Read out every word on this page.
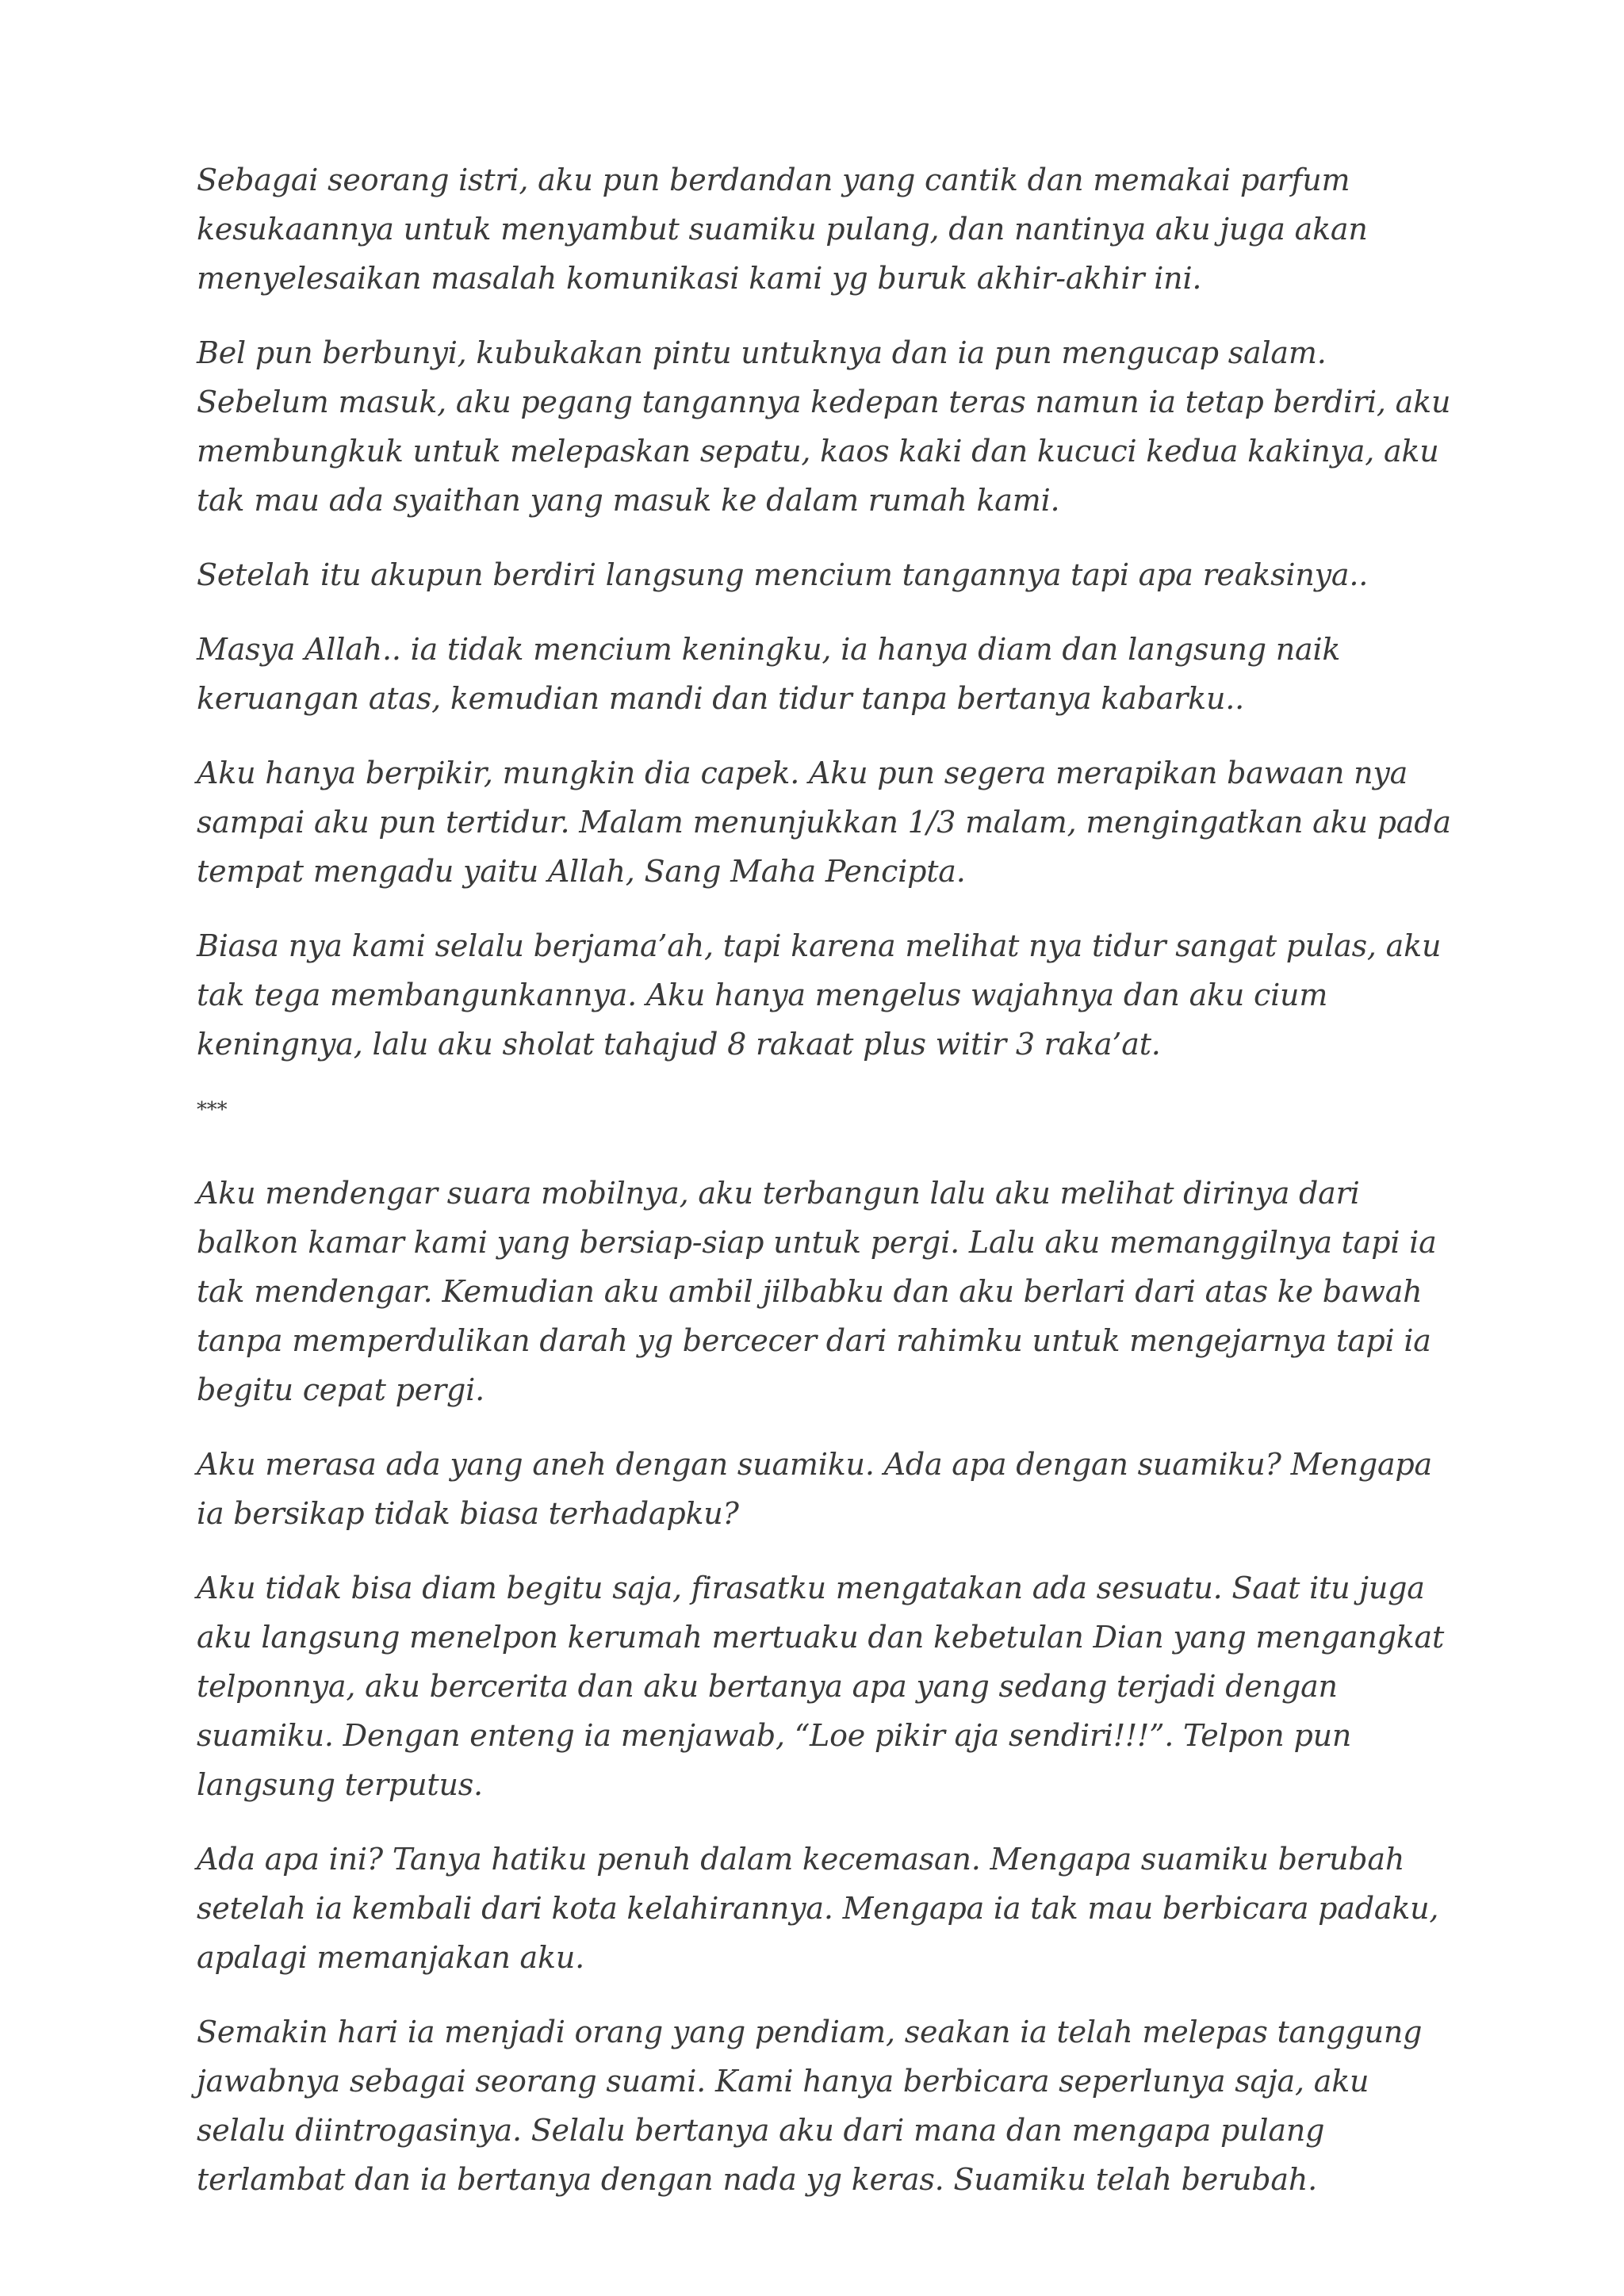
Sebagai seorang istri, aku pun berdandan yang cantik dan memakai parfum kesukaannya untuk menyambut suamiku pulang, dan nantinya aku juga akan menyelesaikan masalah komunikasi kami yg buruk akhir-akhir ini.

Bel pun berbunyi, kubukakan pintu untuknya dan ia pun mengucap salam. Sebelum masuk, aku pegang tangannya kedepan teras namun ia tetap berdiri, aku membungkuk untuk melepaskan sepatu, kaos kaki dan kucuci kedua kakinya, aku tak mau ada syaithan yang masuk ke dalam rumah kami.

Setelah itu akupun berdiri langsung mencium tangannya tapi apa reaksinya..

Masya Allah.. ia tidak mencium keningku, ia hanya diam dan langsung naik keruangan atas, kemudian mandi dan tidur tanpa bertanya kabarku..

Aku hanya berpikir, mungkin dia capek. Aku pun segera merapikan bawaan nya sampai aku pun tertidur. Malam menunjukkan 1/3 malam, mengingatkan aku pada tempat mengadu yaitu Allah, Sang Maha Pencipta.

Biasa nya kami selalu berjama’ah, tapi karena melihat nya tidur sangat pulas, aku tak tega membangunkannya. Aku hanya mengelus wajahnya dan aku cium keningnya, lalu aku sholat tahajud 8 rakaat plus witir 3 raka’at.

***

Aku mendengar suara mobilnya, aku terbangun lalu aku melihat dirinya dari balkon kamar kami yang bersiap-siap untuk pergi. Lalu aku memanggilnya tapi ia tak mendengar. Kemudian aku ambil jilbabku dan aku berlari dari atas ke bawah tanpa memperdulikan darah yg bercecer dari rahimku untuk mengejarnya tapi ia begitu cepat pergi.

Aku merasa ada yang aneh dengan suamiku. Ada apa dengan suamiku? Mengapa ia bersikap tidak biasa terhadapku?

Aku tidak bisa diam begitu saja, firasatku mengatakan ada sesuatu. Saat itu juga aku langsung menelpon kerumah mertuaku dan kebetulan Dian yang mengangkat telponnya, aku bercerita dan aku bertanya apa yang sedang terjadi dengan suamiku. Dengan enteng ia menjawab, “Loe pikir aja sendiri!!!”. Telpon pun langsung terputus.

Ada apa ini? Tanya hatiku penuh dalam kecemasan. Mengapa suamiku berubah setelah ia kembali dari kota kelahirannya. Mengapa ia tak mau berbicara padaku, apalagi memanjakan aku.

Semakin hari ia menjadi orang yang pendiam, seakan ia telah melepas tanggung jawabnya sebagai seorang suami. Kami hanya berbicara seperlunya saja, aku selalu diintrogasinya. Selalu bertanya aku dari mana dan mengapa pulang terlambat dan ia bertanya dengan nada yg keras. Suamiku telah berubah.
